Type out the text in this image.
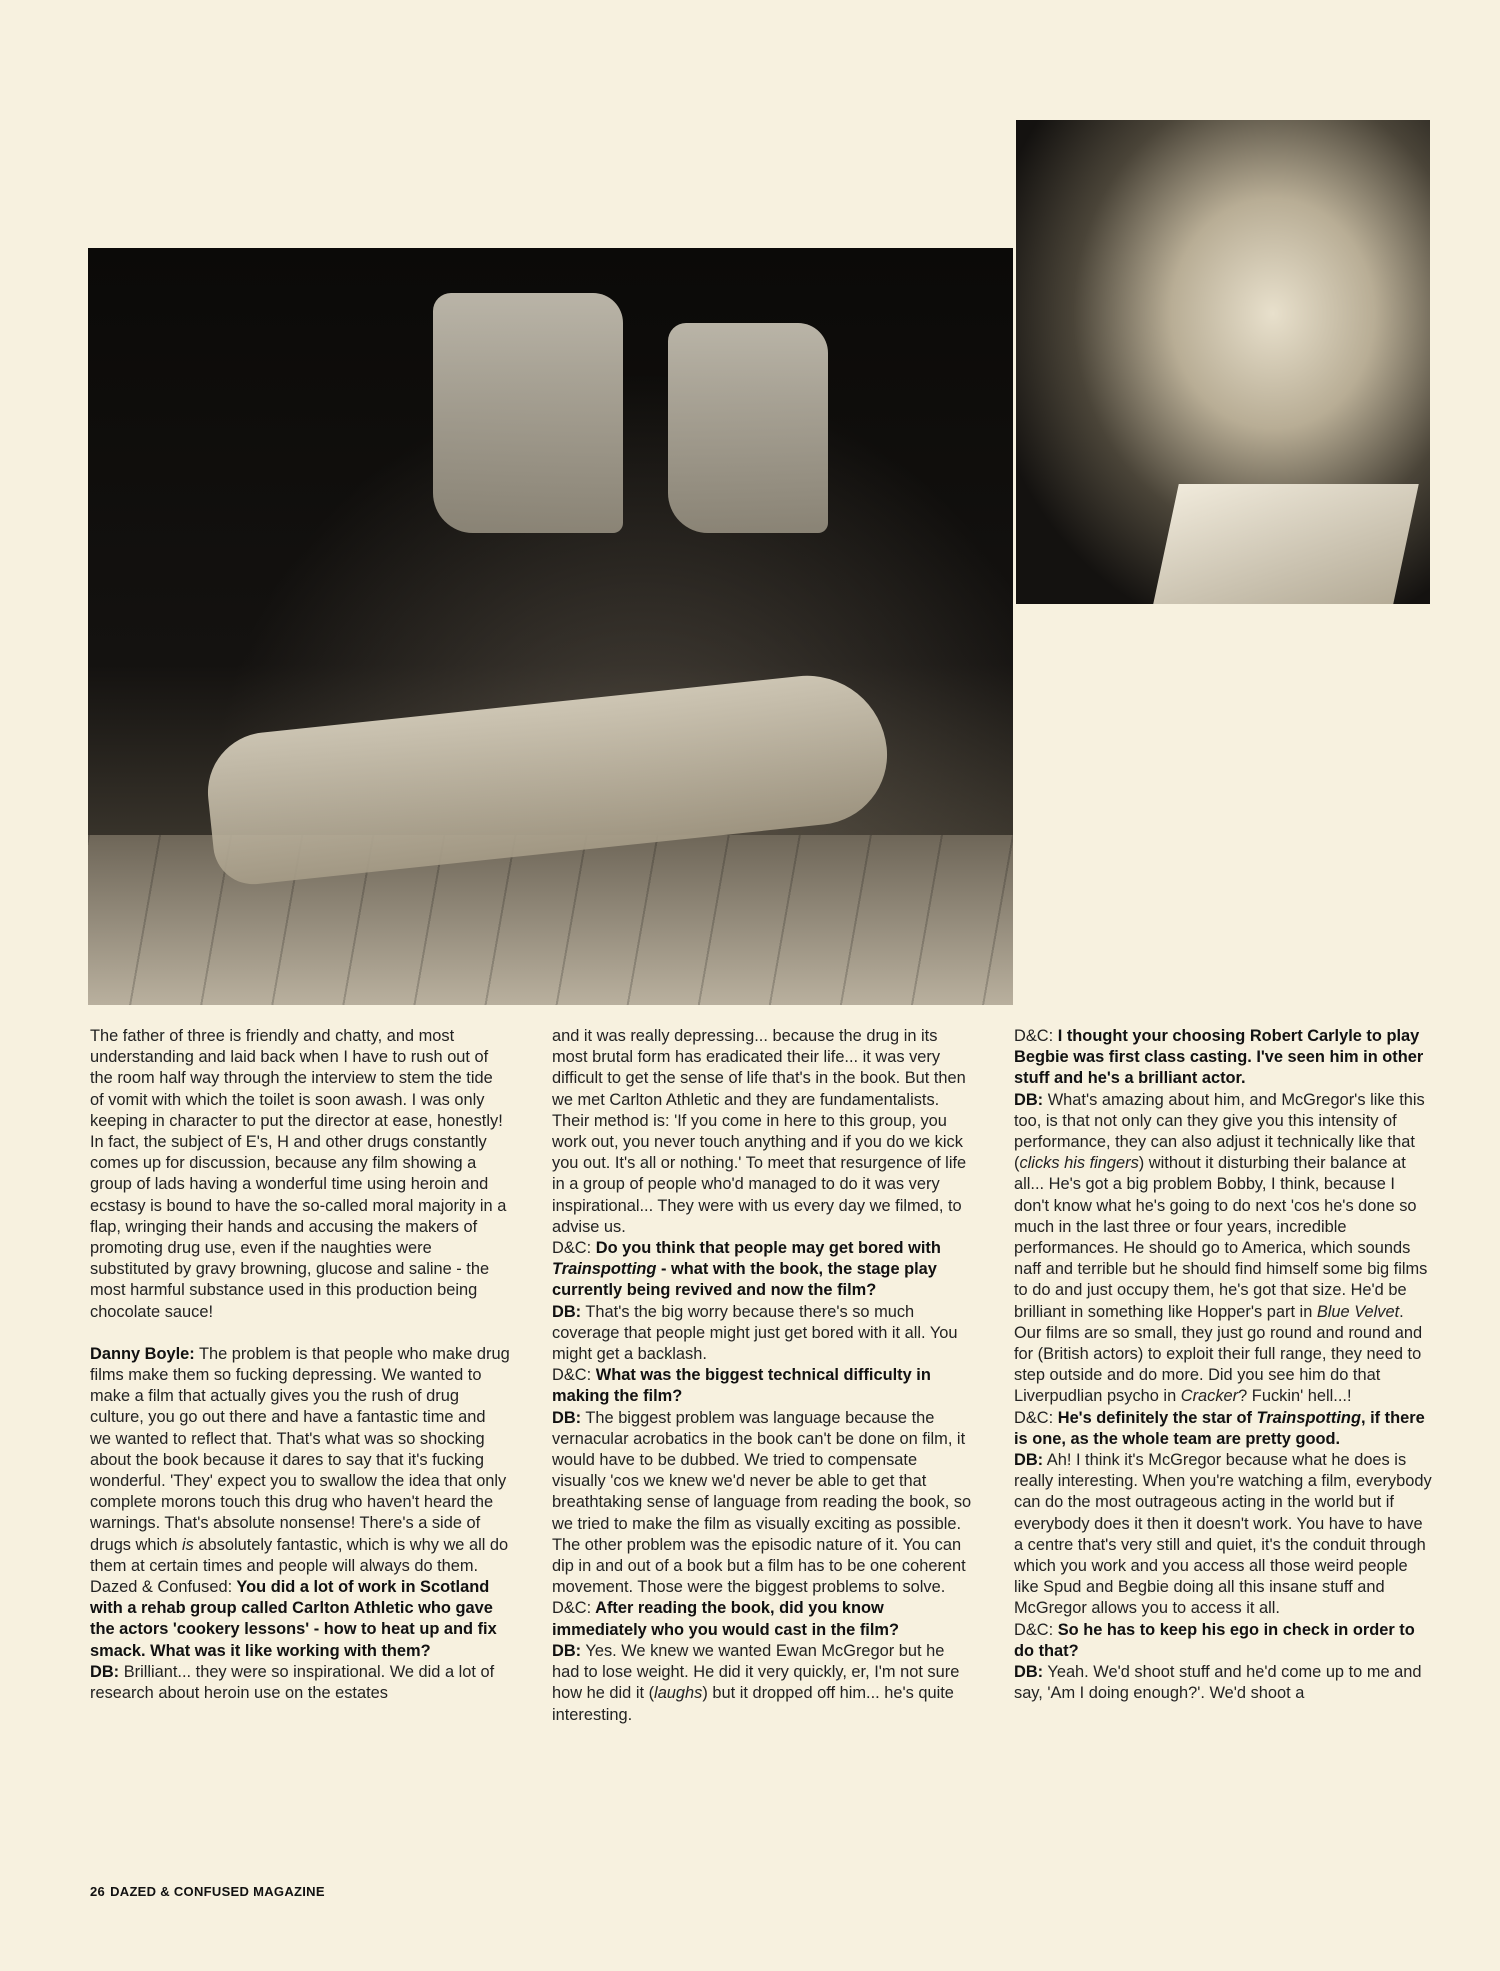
The father of three is friendly and chatty, and most understanding and laid back when I have to rush out of the room half way through the interview to stem the tide of vomit with which the toilet is soon awash. I was only keeping in character to put the director at ease, honestly! In fact, the subject of E's, H and other drugs constantly comes up for discussion, because any film showing a group of lads having a wonderful time using heroin and ecstasy is bound to have the so-called moral majority in a flap, wringing their hands and accusing the makers of promoting drug use, even if the naughties were substituted by gravy browning, glucose and saline - the most harmful substance used in this production being chocolate sauce!

Danny Boyle: The problem is that people who make drug films make them so fucking depressing. We wanted to make a film that actually gives you the rush of drug culture, you go out there and have a fantastic time and we wanted to reflect that. That's what was so shocking about the book because it dares to say that it's fucking wonderful. 'They' expect you to swallow the idea that only complete morons touch this drug who haven't heard the warnings. That's absolute nonsense! There's a side of drugs which is absolutely fantastic, which is why we all do them at certain times and people will always do them.

Dazed & Confused: You did a lot of work in Scotland with a rehab group called Carlton Athletic who gave the actors 'cookery lessons' - how to heat up and fix smack. What was it like working with them?

DB: Brilliant... they were so inspirational. We did a lot of research about heroin use on the estates

and it was really depressing... because the drug in its most brutal form has eradicated their life... it was very difficult to get the sense of life that's in the book. But then we met Carlton Athletic and they are fundamentalists. Their method is: 'If you come in here to this group, you work out, you never touch anything and if you do we kick you out. It's all or nothing.' To meet that resurgence of life in a group of people who'd managed to do it was very inspirational... They were with us every day we filmed, to advise us.

D&C: Do you think that people may get bored with Trainspotting - what with the book, the stage play currently being revived and now the film?

DB: That's the big worry because there's so much coverage that people might just get bored with it all. You might get a backlash.

D&C: What was the biggest technical difficulty in making the film?

DB: The biggest problem was language because the vernacular acrobatics in the book can't be done on film, it would have to be dubbed. We tried to compensate visually 'cos we knew we'd never be able to get that breathtaking sense of language from reading the book, so we tried to make the film as visually exciting as possible. The other problem was the episodic nature of it. You can dip in and out of a book but a film has to be one coherent movement. Those were the biggest problems to solve.

D&C: After reading the book, did you know immediately who you would cast in the film?

DB: Yes. We knew we wanted Ewan McGregor but he had to lose weight. He did it very quickly, er, I'm not sure how he did it (laughs) but it dropped off him... he's quite interesting.

D&C: I thought your choosing Robert Carlyle to play Begbie was first class casting. I've seen him in other stuff and he's a brilliant actor.

DB: What's amazing about him, and McGregor's like this too, is that not only can they give you this intensity of performance, they can also adjust it technically like that (clicks his fingers) without it disturbing their balance at all... He's got a big problem Bobby, I think, because I don't know what he's going to do next 'cos he's done so much in the last three or four years, incredible performances. He should go to America, which sounds naff and terrible but he should find himself some big films to do and just occupy them, he's got that size. He'd be brilliant in something like Hopper's part in Blue Velvet. Our films are so small, they just go round and round and for (British actors) to exploit their full range, they need to step outside and do more. Did you see him do that Liverpudlian psycho in Cracker? Fuckin' hell...!

D&C: He's definitely the star of Trainspotting, if there is one, as the whole team are pretty good.

DB: Ah! I think it's McGregor because what he does is really interesting. When you're watching a film, everybody can do the most outrageous acting in the world but if everybody does it then it doesn't work. You have to have a centre that's very still and quiet, it's the conduit through which you work and you access all those weird people like Spud and Begbie doing all this insane stuff and McGregor allows you to access it all.

D&C: So he has to keep his ego in check in order to do that?

DB: Yeah. We'd shoot stuff and he'd come up to me and say, 'Am I doing enough?'. We'd shoot a

26 DAZED & CONFUSED MAGAZINE
